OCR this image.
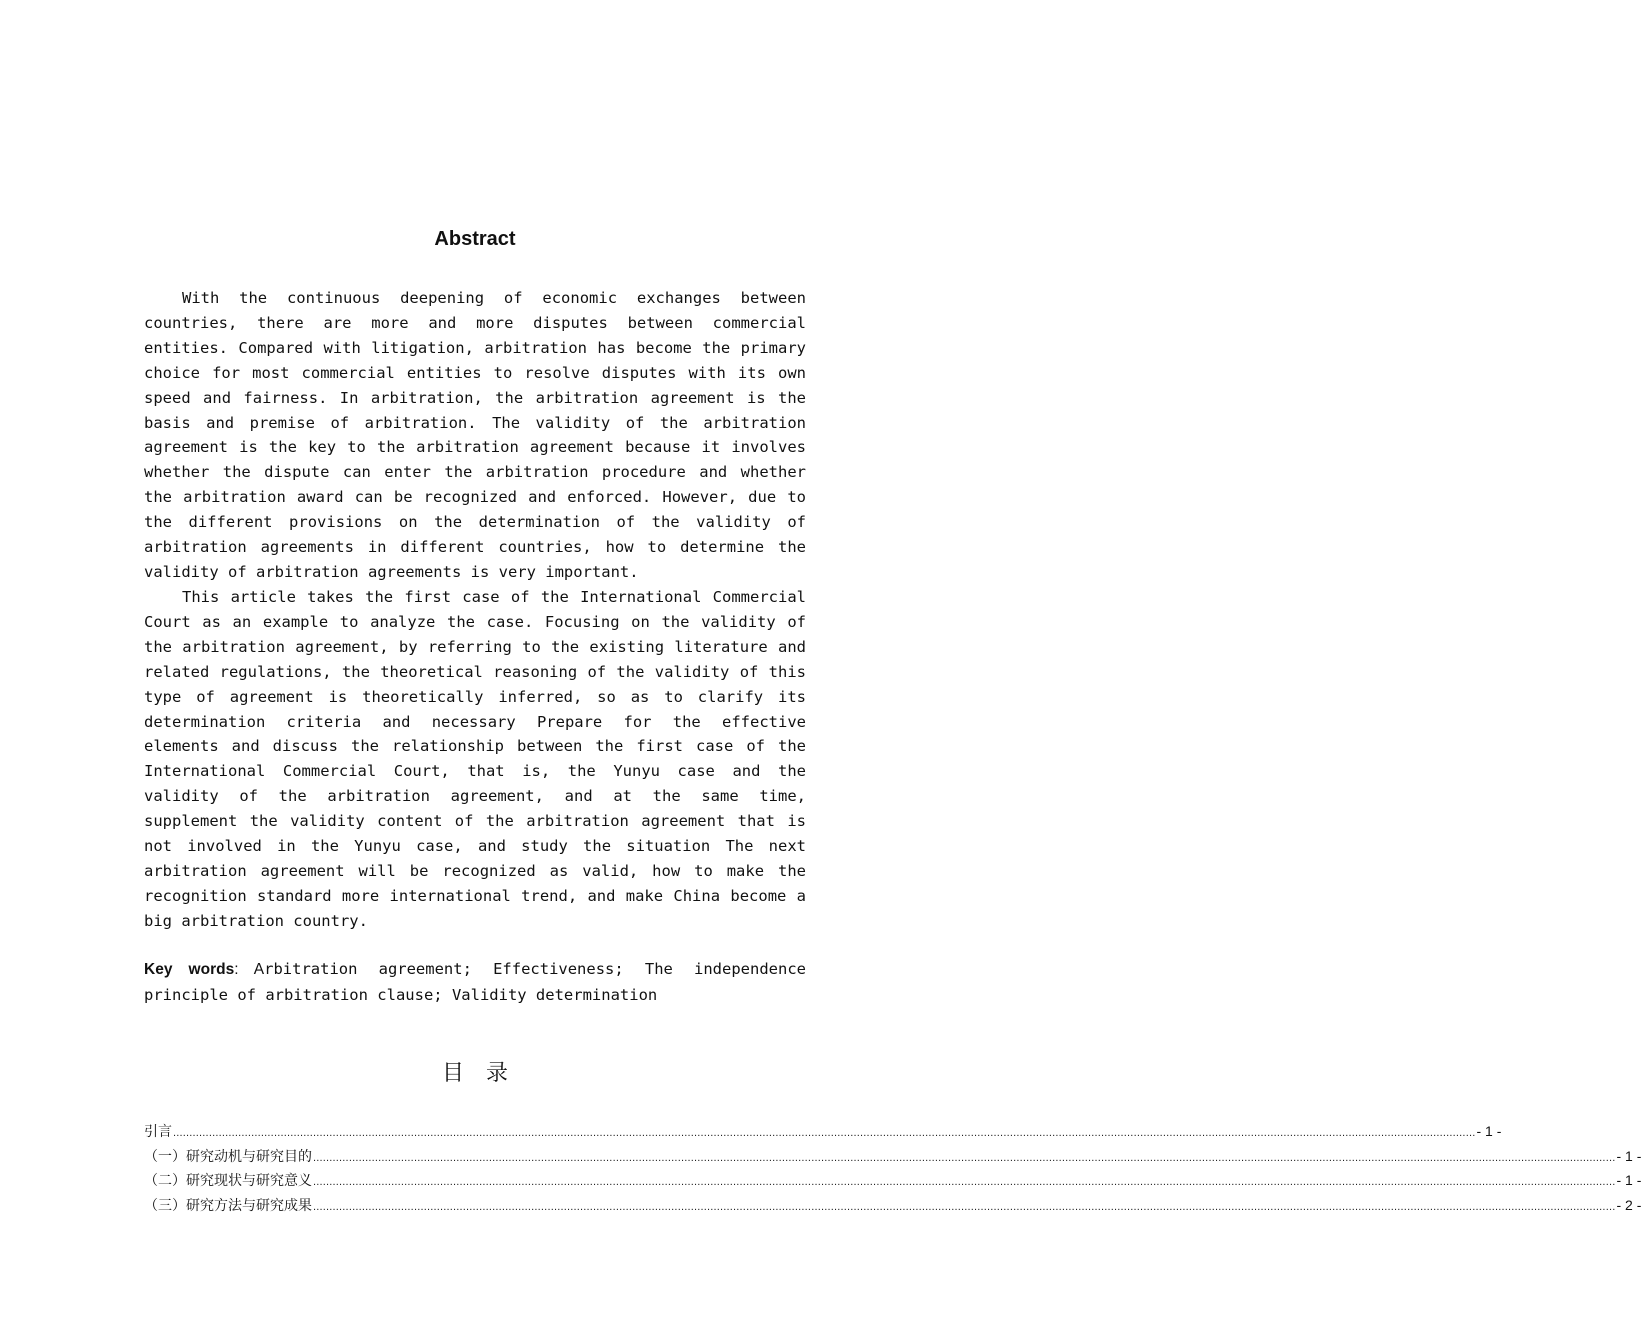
Abstract

With the continuous deepening of economic exchanges between countries, there are more and more disputes between commercial entities. Compared with litigation, arbitration has become the primary choice for most commercial entities to resolve disputes with its own speed and fairness. In arbitration, the arbitration agreement is the basis and premise of arbitration. The validity of the arbitration agreement is the key to the arbitration agreement because it involves whether the dispute can enter the arbitration procedure and whether the arbitration award can be recognized and enforced. However, due to the different provisions on the determination of the validity of arbitration agreements in different countries, how to determine the validity of arbitration agreements is very important.

This article takes the first case of the International Commercial Court as an example to analyze the case. Focusing on the validity of the arbitration agreement, by referring to the existing literature and related regulations, the theoretical reasoning of the validity of this type of agreement is theoretically inferred, so as to clarify its determination criteria and necessary Prepare for the effective elements and discuss the relationship between the first case of the International Commercial Court, that is, the Yunyu case and the validity of the arbitration agreement, and at the same time, supplement the validity content of the arbitration agreement that is not involved in the Yunyu case, and study the situation The next arbitration agreement will be recognized as valid, how to make the recognition standard more international trend, and make China become a big arbitration country.

Key words: Arbitration agreement; Effectiveness; The independence principle of arbitration clause; Validity determination

目录
引言 ................................................................................................................................................................................................................................................................................................................................................................................................................ - 1 -
（一）研究动机与研究目的 ................................................................................................................................................................................................................................................................................................................................................................................................................ - 1 -
（二）研究现状与研究意义 ................................................................................................................................................................................................................................................................................................................................................................................................................ - 1 -
（三）研究方法与研究成果 ................................................................................................................................................................................................................................................................................................................................................................................................................ - 2 -
